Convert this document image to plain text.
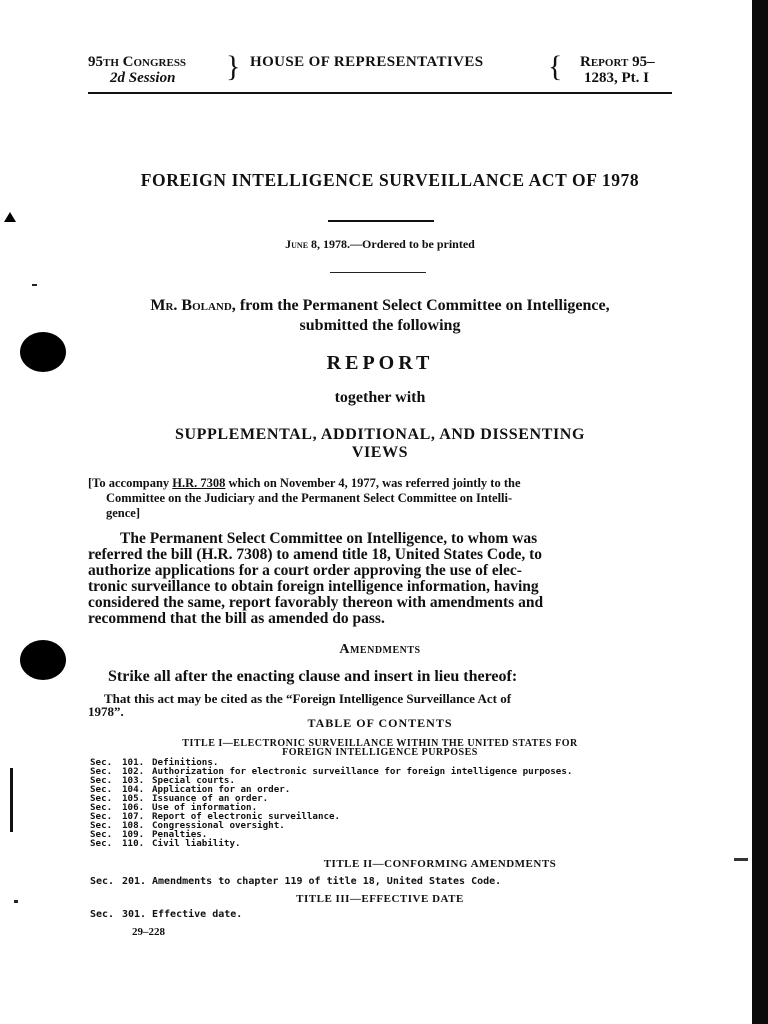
95th Congress
2d Session } HOUSE OF REPRESENTATIVES { Report 95–
1283, Pt. I
FOREIGN INTELLIGENCE SURVEILLANCE ACT OF 1978
June 8, 1978.—Ordered to be printed
Mr. Boland, from the Permanent Select Committee on Intelligence,
submitted the following
REPORT
together with
SUPPLEMENTAL, ADDITIONAL, AND DISSENTING
VIEWS
[To accompany H.R. 7308 which on November 4, 1977, was referred jointly to the
Committee on the Judiciary and the Permanent Select Committee on Intelli-
gence]
The Permanent Select Committee on Intelligence, to whom was
referred the bill (H.R. 7308) to amend title 18, United States Code, to
authorize applications for a court order approving the use of elec-
tronic surveillance to obtain foreign intelligence information, having
considered the same, report favorably thereon with amendments and
recommend that the bill as amended do pass.
Amendments
Strike all after the enacting clause and insert in lieu thereof:
That this act may be cited as the “Foreign Intelligence Surveillance Act of
1978”.
TABLE OF CONTENTS
TITLE I—ELECTRONIC SURVEILLANCE WITHIN THE UNITED STATES FOR
FOREIGN INTELLIGENCE PURPOSES
Sec. 101. Definitions.
Sec. 102. Authorization for electronic surveillance for foreign intelligence purposes.
Sec. 103. Special courts.
Sec. 104. Application for an order.
Sec. 105. Issuance of an order.
Sec. 106. Use of information.
Sec. 107. Report of electronic surveillance.
Sec. 108. Congressional oversight.
Sec. 109. Penalties.
Sec. 110. Civil liability.
TITLE II—CONFORMING AMENDMENTS
Sec. 201. Amendments to chapter 119 of title 18, United States Code.
TITLE III—EFFECTIVE DATE
Sec. 301. Effective date.
29–228
